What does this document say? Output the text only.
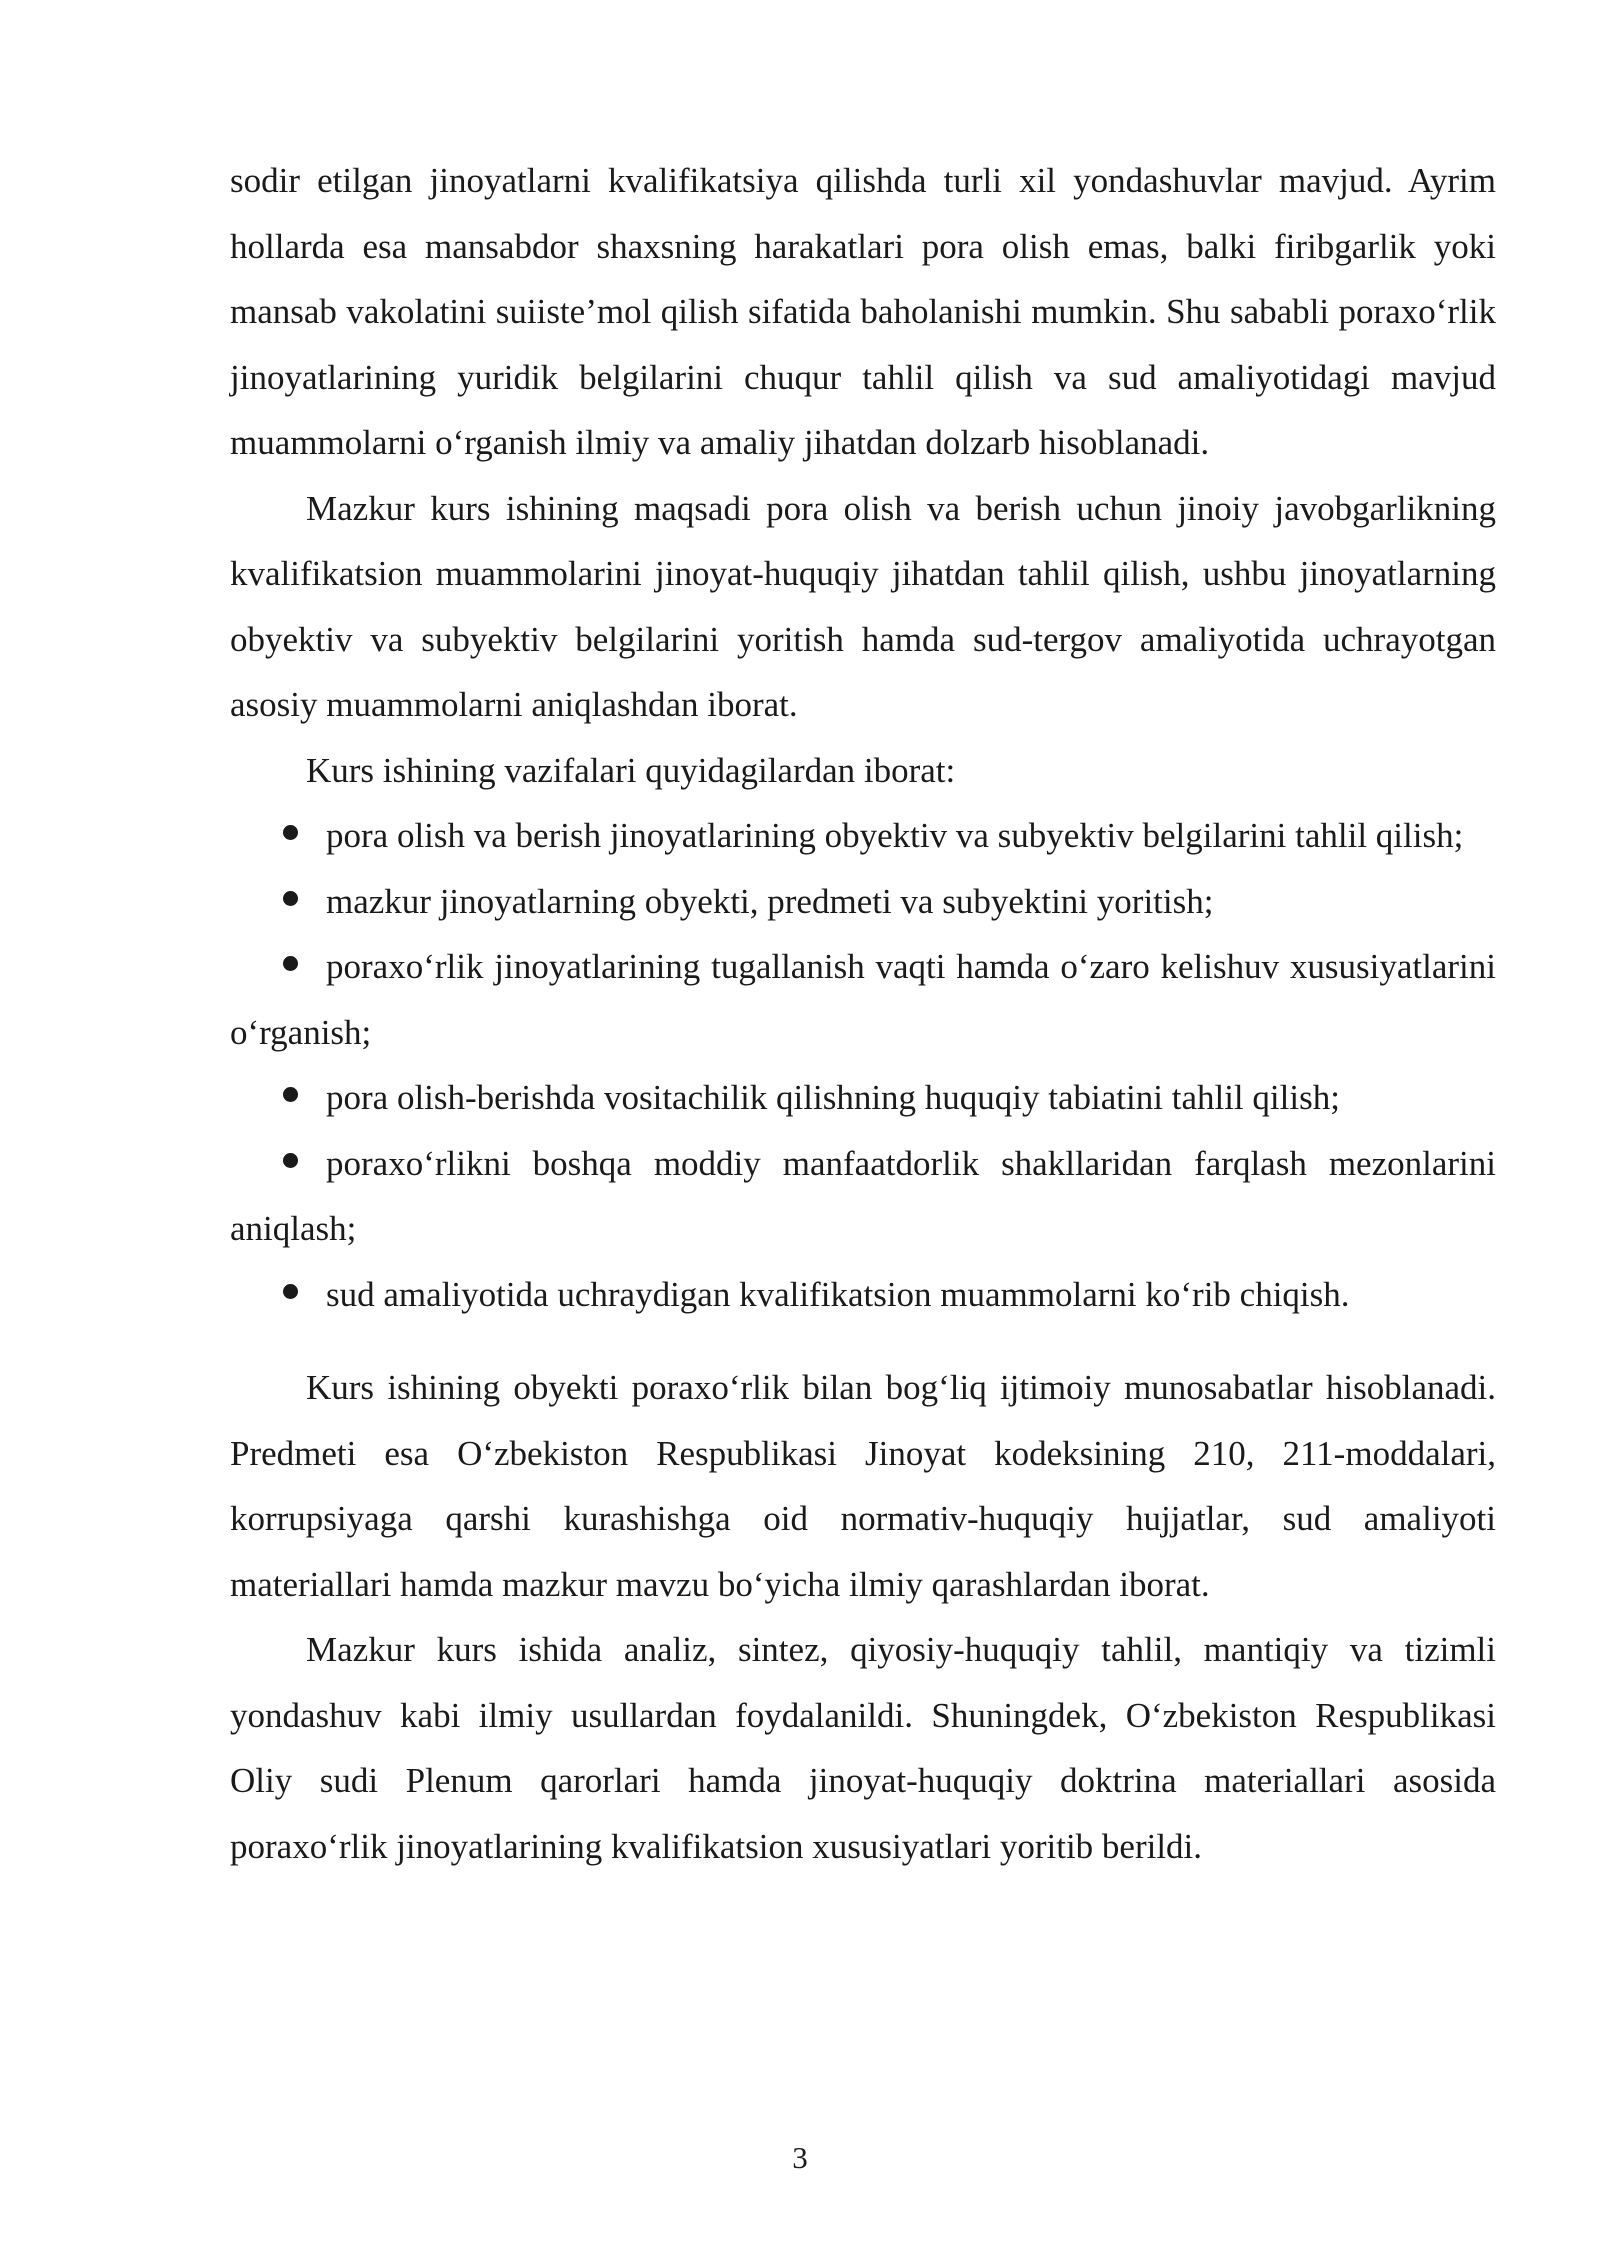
sodir etilgan jinoyatlarni kvalifikatsiya qilishda turli xil yondashuvlar mavjud. Ayrim hollarda esa mansabdor shaxsning harakatlari pora olish emas, balki firibgarlik yoki mansab vakolatini suiiste’mol qilish sifatida baholanishi mumkin. Shu sababli poraxo‘rlik jinoyatlarining yuridik belgilarini chuqur tahlil qilish va sud amaliyotidagi mavjud muammolarni o‘rganish ilmiy va amaliy jihatdan dolzarb hisoblanadi.

Mazkur kurs ishining maqsadi pora olish va berish uchun jinoiy javobgarlikning kvalifikatsion muammolarini jinoyat-huquqiy jihatdan tahlil qilish, ushbu jinoyatlarning obyektiv va subyektiv belgilarini yoritish hamda sud-tergov amaliyotida uchrayotgan asosiy muammolarni aniqlashdan iborat.

Kurs ishining vazifalari quyidagilardan iborat:

pora olish va berish jinoyatlarining obyektiv va subyektiv belgilarini tahlil qilish;
mazkur jinoyatlarning obyekti, predmeti va subyektini yoritish;
poraxo‘rlik jinoyatlarining tugallanish vaqti hamda o‘zaro kelishuv xususiyatlarini o‘rganish;
pora olish-berishda vositachilik qilishning huquqiy tabiatini tahlil qilish;
poraxo‘rlikni boshqa moddiy manfaatdorlik shakllaridan farqlash mezonlarini aniqlash;
sud amaliyotida uchraydigan kvalifikatsion muammolarni ko‘rib chiqish.

Kurs ishining obyekti poraxo‘rlik bilan bog‘liq ijtimoiy munosabatlar hisoblanadi. Predmeti esa O‘zbekiston Respublikasi Jinoyat kodeksining 210, 211-moddalari, korrupsiyaga qarshi kurashishga oid normativ-huquqiy hujjatlar, sud amaliyoti materiallari hamda mazkur mavzu bo‘yicha ilmiy qarashlardan iborat.

Mazkur kurs ishida analiz, sintez, qiyosiy-huquqiy tahlil, mantiqiy va tizimli yondashuv kabi ilmiy usullardan foydalanildi. Shuningdek, O‘zbekiston Respublikasi Oliy sudi Plenum qarorlari hamda jinoyat-huquqiy doktrina materiallari asosida poraxo‘rlik jinoyatlarining kvalifikatsion xususiyatlari yoritib berildi.

3
